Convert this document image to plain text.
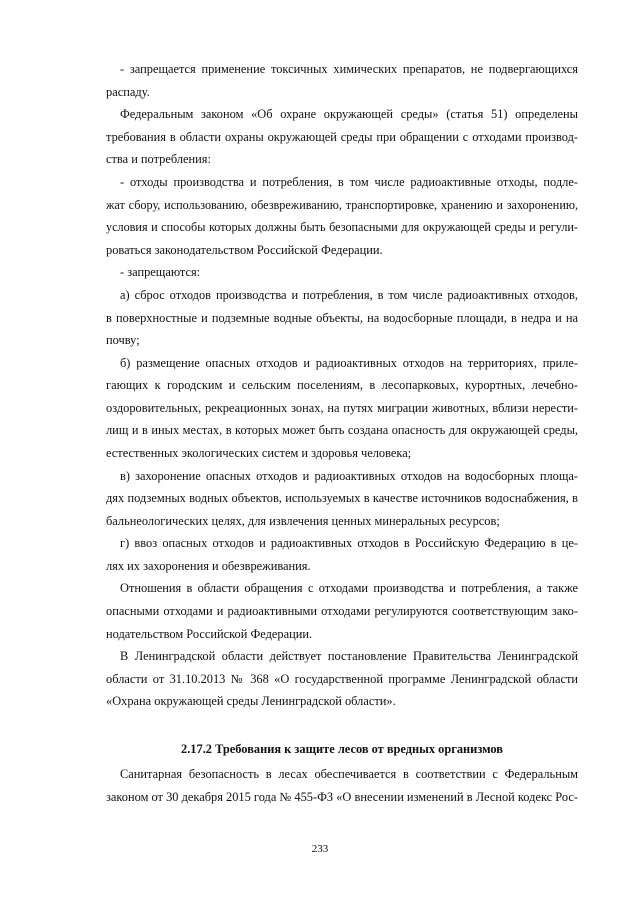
- запрещается применение токсичных химических препаратов, не подвергающихся
распаду.
Федеральным законом «Об охране окружающей среды» (статья 51) определены
требования в области охраны окружающей среды при обращении с отходами производ-
ства и потребления:
- отходы производства и потребления, в том числе радиоактивные отходы, подле-
жат сбору, использованию, обезвреживанию, транспортировке, хранению и захоронению,
условия и способы которых должны быть безопасными для окружающей среды и регули-
роваться законодательством Российской Федерации.
- запрещаются:
а) сброс отходов производства и потребления, в том числе радиоактивных отходов,
в поверхностные и подземные водные объекты, на водосборные площади, в недра и на
почву;
б) размещение опасных отходов и радиоактивных отходов на территориях, приле-
гающих к городским и сельским поселениям, в лесопарковых, курортных, лечебно-
оздоровительных, рекреационных зонах, на путях миграции животных, вблизи нерести-
лищ и в иных местах, в которых может быть создана опасность для окружающей среды,
естественных экологических систем и здоровья человека;
в) захоронение опасных отходов и радиоактивных отходов на водосборных площа-
дях подземных водных объектов, используемых в качестве источников водоснабжения, в
бальнеологических целях, для извлечения ценных минеральных ресурсов;
г) ввоз опасных отходов и радиоактивных отходов в Российскую Федерацию в це-
лях их захоронения и обезвреживания.
Отношения в области обращения с отходами производства и потребления, а также
опасными отходами и радиоактивными отходами регулируются соответствующим зако-
нодательством Российской Федерации.
В Ленинградской области действует постановление Правительства Ленинградской
области от 31.10.2013 № 368 «О государственной программе Ленинградской области
«Охрана окружающей среды Ленинградской области».
2.17.2 Требования к защите лесов от вредных организмов
Санитарная безопасность в лесах обеспечивается в соответствии с Федеральным
законом от 30 декабря 2015 года № 455-ФЗ «О внесении изменений в Лесной кодекс Рос-
233
